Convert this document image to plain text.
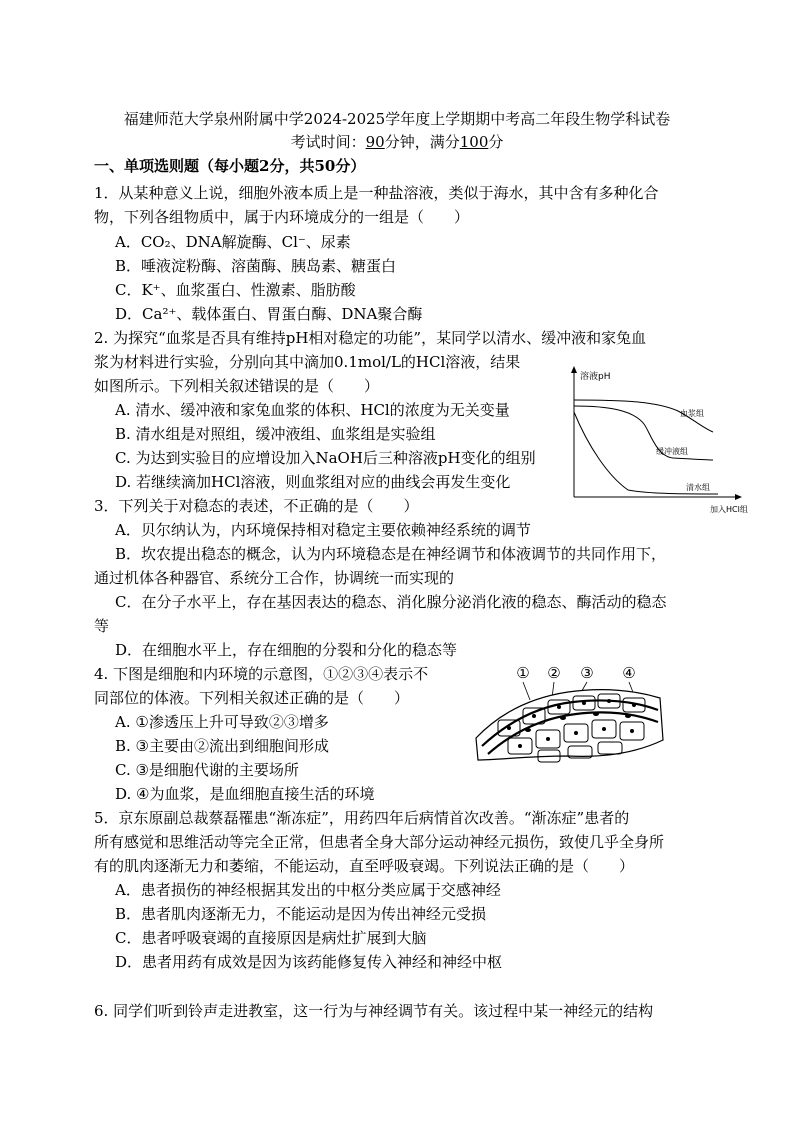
福建师范大学泉州附属中学2024-2025学年度上学期期中考高二年段生物学科试卷
考试时间：90分钟，满分100分
一、单项选则题（每小题2分，共50分）
1．从某种意义上说，细胞外液本质上是一种盐溶液，类似于海水，其中含有多种化合
物，下列各组物质中，属于内环境成分的一组是（　　）
A．CO₂、DNA解旋酶、Cl⁻、尿素
B．唾液淀粉酶、溶菌酶、胰岛素、糖蛋白
C．K⁺、血浆蛋白、性激素、脂肪酸
D．Ca²⁺、载体蛋白、胃蛋白酶、DNA聚合酶
2. 为探究“血浆是否具有维持pH相对稳定的功能”，某同学以清水、缓冲液和家兔血
浆为材料进行实验，分别向其中滴加0.1mol/L的HCl溶液，结果
如图所示。下列相关叙述错误的是（　　）
A. 清水、缓冲液和家兔血浆的体积、HCl的浓度为无关变量
B. 清水组是对照组，缓冲液组、血浆组是实验组
C. 为达到实验目的应增设加入NaOH后三种溶液pH变化的组别
D. 若继续滴加HCl溶液，则血浆组对应的曲线会再发生变化
溶液pH
加入HCl组
血浆组
缓冲液组
清水组
3．下列关于对稳态的表述，不正确的是（　　）
A．贝尔纳认为，内环境保持相对稳定主要依赖神经系统的调节
B．坎农提出稳态的概念，认为内环境稳态是在神经调节和体液调节的共同作用下，
通过机体各种器官、系统分工合作，协调统一而实现的
C．在分子水平上，存在基因表达的稳态、消化腺分泌消化液的稳态、酶活动的稳态
等
D．在细胞水平上，存在细胞的分裂和分化的稳态等
4. 下图是细胞和内环境的示意图，①②③④表示不
同部位的体液。下列相关叙述正确的是（　　）
A. ①渗透压上升可导致②③增多
B. ③主要由②流出到细胞间形成
C. ③是细胞代谢的主要场所
D. ④为血浆，是血细胞直接生活的环境
① ② ③ ④
5．京东原副总裁蔡磊罹患“渐冻症”，用药四年后病情首次改善。“渐冻症”患者的
所有感觉和思维活动等完全正常，但患者全身大部分运动神经元损伤，致使几乎全身所
有的肌肉逐渐无力和萎缩，不能运动，直至呼吸衰竭。下列说法正确的是（　　）
A．患者损伤的神经根据其发出的中枢分类应属于交感神经
B．患者肌肉逐渐无力，不能运动是因为传出神经元受损
C．患者呼吸衰竭的直接原因是病灶扩展到大脑
D．患者用药有成效是因为该药能修复传入神经和神经中枢
6. 同学们听到铃声走进教室，这一行为与神经调节有关。该过程中某一神经元的结构
